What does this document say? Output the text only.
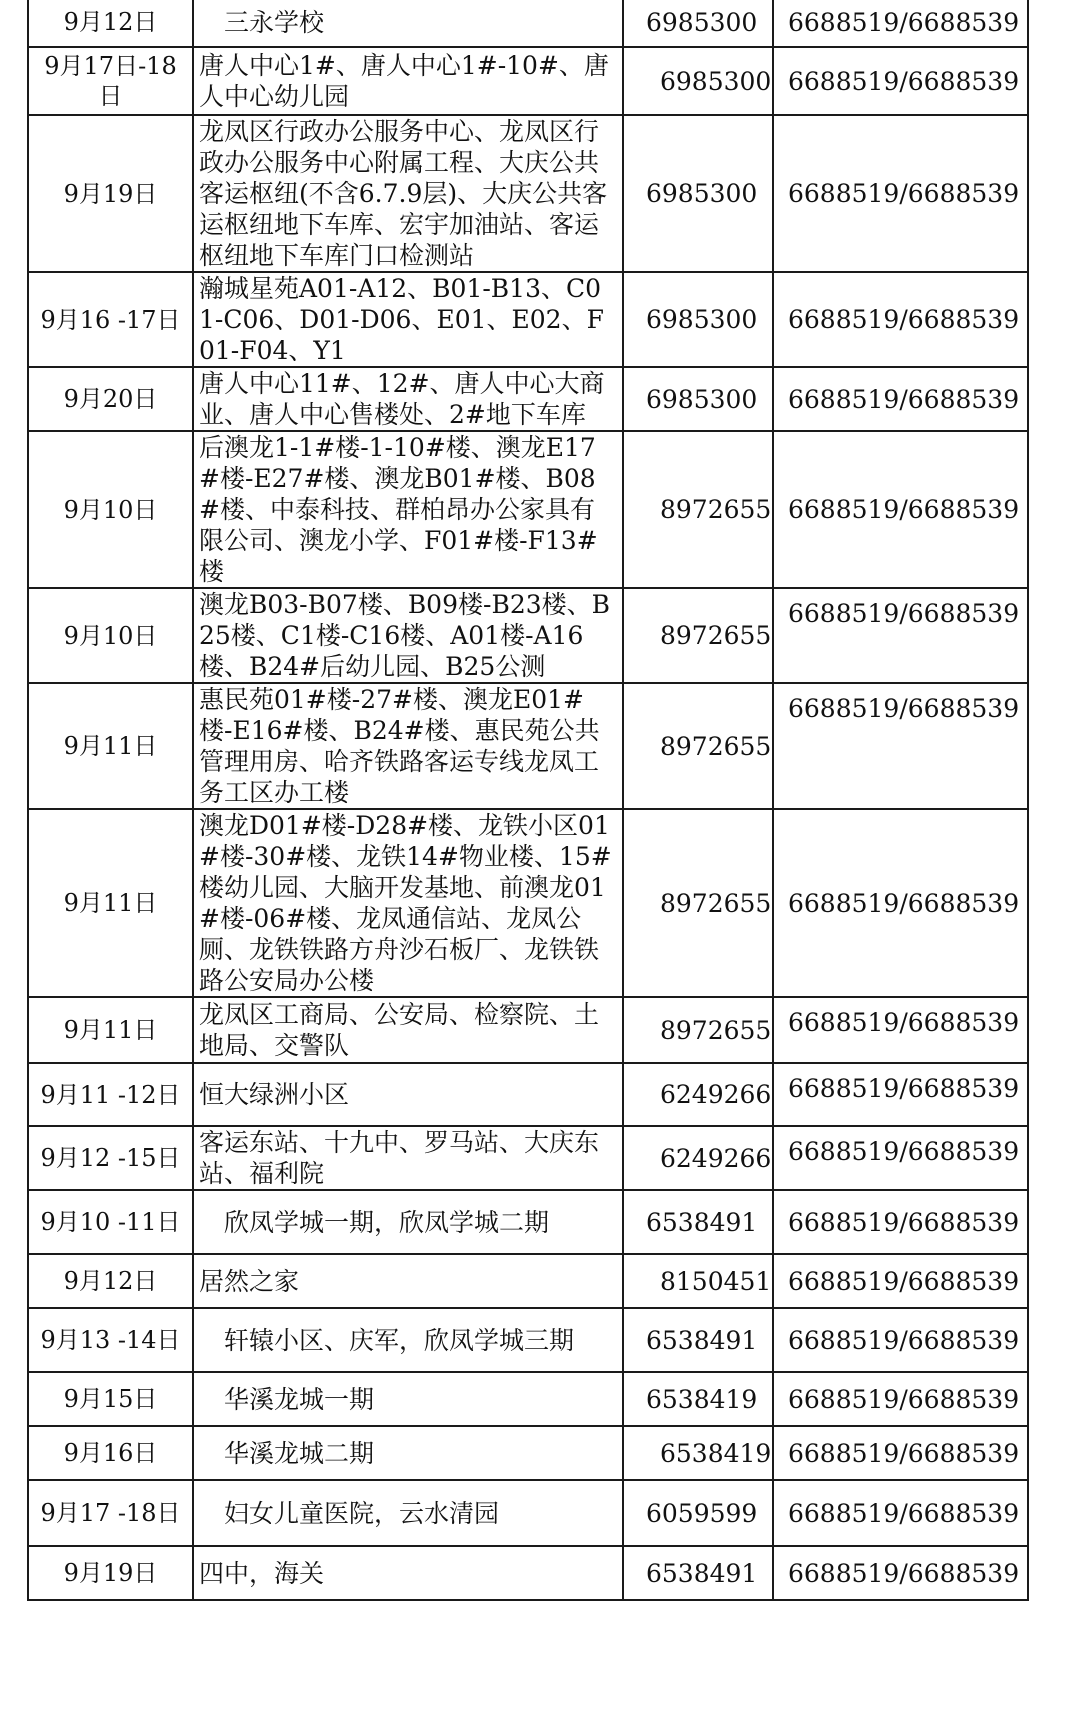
9月12日	三永学校	6985300	6688519/6688539
9月17日-18日	唐人中心1#、唐人中心1#-10#、唐人中心幼儿园	6985300	6688519/6688539
9月19日	龙凤区行政办公服务中心、龙凤区行政办公服务中心附属工程、大庆公共客运枢纽(不含6.7.9层)、大庆公共客运枢纽地下车库、宏宇加油站、客运枢纽地下车库门口检测站	6985300	6688519/6688539
9月16 -17日	瀚城星苑A01-A12、B01-B13、C01-C06、D01-D06、E01、E02、F01-F04、Y1	6985300	6688519/6688539
9月20日	唐人中心11#、12#、唐人中心大商业、唐人中心售楼处、2#地下车库	6985300	6688519/6688539
9月10日	后澳龙1-1#楼-1-10#楼、澳龙E17#楼-E27#楼、澳龙B01#楼、B08#楼、中泰科技、群柏昂办公家具有限公司、澳龙小学、F01#楼-F13#楼	8972655	6688519/6688539
9月10日	澳龙B03-B07楼、B09楼-B23楼、B25楼、C1楼-C16楼、A01楼-A16楼、B24#后幼儿园、B25公测	8972655	6688519/6688539
9月11日	惠民苑01#楼-27#楼、澳龙E01#楼-E16#楼、B24#楼、惠民苑公共管理用房、哈齐铁路客运专线龙凤工务工区办工楼	8972655	6688519/6688539
9月11日	澳龙D01#楼-D28#楼、龙铁小区01#楼-30#楼、龙铁14#物业楼、15#楼幼儿园、大脑开发基地、前澳龙01#楼-06#楼、龙凤通信站、龙凤公厕、龙铁铁路方舟沙石板厂、龙铁铁路公安局办公楼	8972655	6688519/6688539
9月11日	龙凤区工商局、公安局、检察院、土地局、交警队	8972655	6688519/6688539
9月11 -12日	恒大绿洲小区	6249266	6688519/6688539
9月12 -15日	客运东站、十九中、罗马站、大庆东站、福利院	6249266	6688519/6688539
9月10 -11日	欣凤学城一期，欣凤学城二期	6538491	6688519/6688539
9月12日	居然之家	8150451	6688519/6688539
9月13 -14日	轩辕小区、庆军，欣凤学城三期	6538491	6688519/6688539
9月15日	华溪龙城一期	6538419	6688519/6688539
9月16日	华溪龙城二期	6538419	6688519/6688539
9月17 -18日	妇女儿童医院，云水清园	6059599	6688519/6688539
9月19日	四中，海关	6538491	6688519/6688539
